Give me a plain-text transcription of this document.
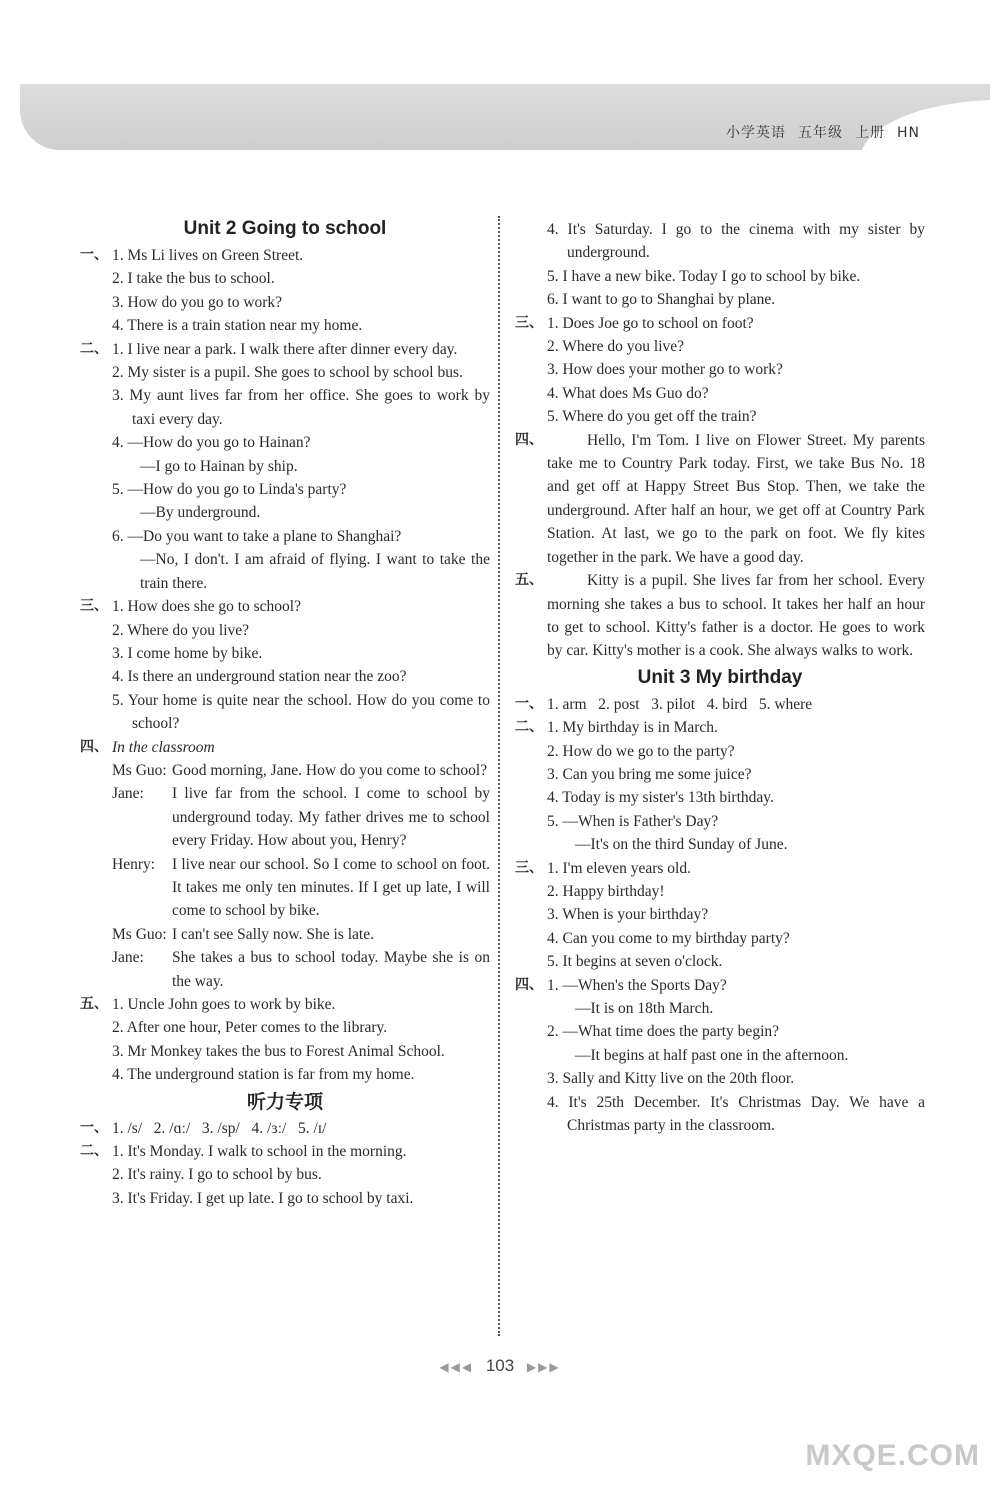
小学英语 五年级 上册 HN
Unit 2 Going to school
一、 1. Ms Li lives on Green Street.
2. I take the bus to school.
3. How do you go to work?
4. There is a train station near my home.
二、 1. I live near a park. I walk there after dinner every day.
2. My sister is a pupil. She goes to school by school bus.
3. My aunt lives far from her office. She goes to work by taxi every day.
4. —How do you go to Hainan?
—I go to Hainan by ship.
5. —How do you go to Linda's party?
—By underground.
6. —Do you want to take a plane to Shanghai?
—No, I don't. I am afraid of flying. I want to take the train there.
三、 1. How does she go to school?
2. Where do you live?
3. I come home by bike.
4. Is there an underground station near the zoo?
5. Your home is quite near the school. How do you come to school?
四、 In the classroom
Ms Guo: Good morning, Jane. How do you come to school?
Jane:	I live far from the school. I come to school by underground today. My father drives me to school every Friday. How about you, Henry?
Henry:	I live near our school. So I come to school on foot. It takes me only ten minutes. If I get up late, I will come to school by bike.
Ms Guo: I can't see Sally now. She is late.
Jane:	She takes a bus to school today. Maybe she is on the way.
五、 1. Uncle John goes to work by bike.
2. After one hour, Peter comes to the library.
3. Mr Monkey takes the bus to Forest Animal School.
4. The underground station is far from my home.
听力专项
一、 1. /s/   2. /ɑː/   3. /sp/   4. /ɜː/   5. /ɪ/
二、 1. It's Monday. I walk to school in the morning.
2. It's rainy. I go to school by bus.
3. It's Friday. I get up late. I go to school by taxi.
4. It's Saturday. I go to the cinema with my sister by underground.
5. I have a new bike. Today I go to school by bike.
6. I want to go to Shanghai by plane.
三、 1. Does Joe go to school on foot?
2. Where do you live?
3. How does your mother go to work?
4. What does Ms Guo do?
5. Where do you get off the train?
四、	Hello, I'm Tom. I live on Flower Street. My parents take me to Country Park today. First, we take Bus No. 18 and get off at Happy Street Bus Stop. Then, we take the underground. After half an hour, we get off at Country Park Station. At last, we go to the park on foot. We fly kites together in the park. We have a good day.
五、	Kitty is a pupil. She lives far from her school. Every morning she takes a bus to school. It takes her half an hour to get to school. Kitty's father is a doctor. He goes to work by car. Kitty's mother is a cook. She always walks to work.
Unit 3 My birthday
一、 1. arm   2. post   3. pilot   4. bird   5. where
二、 1. My birthday is in March.
2. How do we go to the party?
3. Can you bring me some juice?
4. Today is my sister's 13th birthday.
5. —When is Father's Day?
—It's on the third Sunday of June.
三、 1. I'm eleven years old.
2. Happy birthday!
3. When is your birthday?
4. Can you come to my birthday party?
5. It begins at seven o'clock.
四、 1. —When's the Sports Day?
—It is on 18th March.
2. —What time does the party begin?
—It begins at half past one in the afternoon.
3. Sally and Kitty live on the 20th floor.
4. It's 25th December. It's Christmas Day. We have a Christmas party in the classroom.
◀◀◀ 103 ▶▶▶
MXQE.COM
